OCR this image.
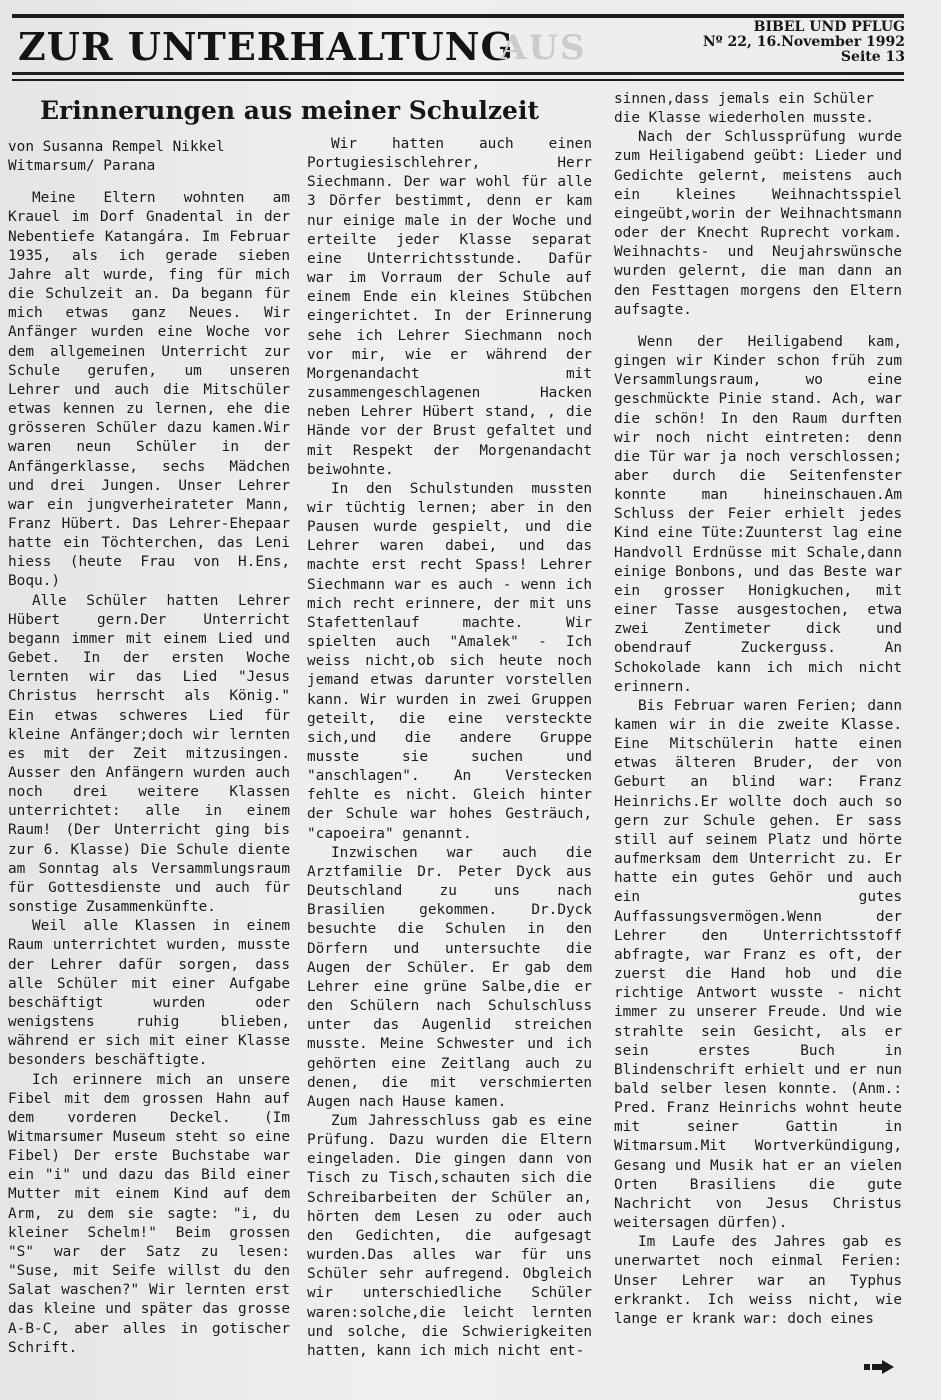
ZUR UNTERHALTUNG
AUS
BIBEL UND PFLUG
Nº 22, 16.November 1992
Seite 13
Erinnerungen aus meiner Schulzeit

von Susanna Rempel Nikkel

Witmarsum/ Parana

Meine Eltern wohnten am Krauel im Dorf Gnadental in der Nebentiefe Katangára. Im Februar 1935, als ich gerade sieben Jahre alt wurde, fing für mich die Schulzeit an. Da begann für mich etwas ganz Neues. Wir Anfänger wurden eine Woche vor dem allgemeinen Unterricht zur Schule gerufen, um unseren Lehrer und auch die Mitschüler etwas kennen zu lernen, ehe die grösseren Schüler dazu kamen.Wir waren neun Schüler in der Anfängerklasse, sechs Mädchen und drei Jungen. Unser Lehrer war ein jungverheirateter Mann, Franz Hübert. Das Lehrer-Ehepaar hatte ein Töchterchen, das Leni hiess (heute Frau von H.Ens, Boqu.)

Alle Schüler hatten Lehrer Hübert gern.Der Unterricht begann immer mit einem Lied und Gebet. In der ersten Woche lernten wir das Lied "Jesus Christus herrscht als König." Ein etwas schweres Lied für kleine Anfänger;doch wir lernten es mit der Zeit mitzusingen. Ausser den Anfängern wurden auch noch drei weitere Klassen unterrichtet: alle in einem Raum! (Der Unterricht ging bis zur 6. Klasse) Die Schule diente am Sonntag als Versammlungsraum für Gottesdienste und auch für sonstige Zusammenkünfte.

Weil alle Klassen in einem Raum unterrichtet wurden, musste der Lehrer dafür sorgen, dass alle Schüler mit einer Aufgabe beschäftigt wurden oder wenigstens ruhig blieben, während er sich mit einer Klasse besonders beschäftigte.

Ich erinnere mich an unsere Fibel mit dem grossen Hahn auf dem vorderen Deckel. (Im Witmarsumer Museum steht so eine Fibel) Der erste Buchstabe war ein "i" und dazu das Bild einer Mutter mit einem Kind auf dem Arm, zu dem sie sagte: "i, du kleiner Schelm!" Beim grossen "S" war der Satz zu lesen: "Suse, mit Seife willst du den Salat waschen?" Wir lernten erst das kleine und später das grosse A-B-C, aber alles in gotischer Schrift.

Wir hatten auch einen Portugiesischlehrer, Herr Siechmann. Der war wohl für alle 3 Dörfer bestimmt, denn er kam nur einige male in der Woche und erteilte jeder Klasse separat eine Unterrichtsstunde. Dafür war im Vorraum der Schule auf einem Ende ein kleines Stübchen eingerichtet. In der Erinnerung sehe ich Lehrer Siechmann noch vor mir, wie er während der Morgenandacht mit zusammengeschlagenen Hacken neben Lehrer Hübert stand, , die Hände vor der Brust gefaltet und mit Respekt der Morgenandacht beiwohnte.

In den Schulstunden mussten wir tüchtig lernen; aber in den Pausen wurde gespielt, und die Lehrer waren dabei, und das machte erst recht Spass! Lehrer Siechmann war es auch - wenn ich mich recht erinnere, der mit uns Stafettenlauf machte. Wir spielten auch "Amalek" - Ich weiss nicht,ob sich heute noch jemand etwas darunter vorstellen kann. Wir wurden in zwei Gruppen geteilt, die eine versteckte sich,und die andere Gruppe musste sie suchen und "anschlagen". An Verstecken fehlte es nicht. Gleich hinter der Schule war hohes Gesträuch, "capoeira" genannt.

Inzwischen war auch die Arztfamilie Dr. Peter Dyck aus Deutschland zu uns nach Brasilien gekommen. Dr.Dyck besuchte die Schulen in den Dörfern und untersuchte die Augen der Schüler. Er gab dem Lehrer eine grüne Salbe,die er den Schülern nach Schulschluss unter das Augenlid streichen musste. Meine Schwester und ich gehörten eine Zeitlang auch zu denen, die mit verschmierten Augen nach Hause kamen.

Zum Jahresschluss gab es eine Prüfung. Dazu wurden die Eltern eingeladen. Die gingen dann von Tisch zu Tisch,schauten sich die Schreibarbeiten der Schüler an, hörten dem Lesen zu oder auch den Gedichten, die aufgesagt wurden.Das alles war für uns Schüler sehr aufregend. Obgleich wir unterschiedliche Schüler waren:solche,die leicht lernten und solche, die Schwierigkeiten hatten, kann ich mich nicht ent-

sinnen,dass jemals ein Schüler die Klasse wiederholen musste.

Nach der Schlussprüfung wurde zum Heiligabend geübt: Lieder und Gedichte gelernt, meistens auch ein kleines Weihnachtsspiel eingeübt,worin der Weihnachtsmann oder der Knecht Ruprecht vorkam. Weihnachts- und Neujahrswünsche wurden gelernt, die man dann an den Festtagen morgens den Eltern aufsagte.

Wenn der Heiligabend kam, gingen wir Kinder schon früh zum Versammlungsraum, wo eine geschmückte Pinie stand. Ach, war die schön! In den Raum durften wir noch nicht eintreten: denn die Tür war ja noch verschlossen; aber durch die Seitenfenster konnte man hineinschauen.Am Schluss der Feier erhielt jedes Kind eine Tüte:Zuunterst lag eine Handvoll Erdnüsse mit Schale,dann einige Bonbons, und das Beste war ein grosser Honigkuchen, mit einer Tasse ausgestochen, etwa zwei Zentimeter dick und obendrauf Zuckerguss. An Schokolade kann ich mich nicht erinnern.

Bis Februar waren Ferien; dann kamen wir in die zweite Klasse. Eine Mitschülerin hatte einen etwas älteren Bruder, der von Geburt an blind war: Franz Heinrichs.Er wollte doch auch so gern zur Schule gehen. Er sass still auf seinem Platz und hörte aufmerksam dem Unterricht zu. Er hatte ein gutes Gehör und auch ein gutes Auffassungsvermögen.Wenn der Lehrer den Unterrichtsstoff abfragte, war Franz es oft, der zuerst die Hand hob und die richtige Antwort wusste - nicht immer zu unserer Freude. Und wie strahlte sein Gesicht, als er sein erstes Buch in Blindenschrift erhielt und er nun bald selber lesen konnte. (Anm.: Pred. Franz Heinrichs wohnt heute mit seiner Gattin in Witmarsum.Mit Wortverkündigung, Gesang und Musik hat er an vielen Orten Brasiliens die gute Nachricht von Jesus Christus weitersagen dürfen).

Im Laufe des Jahres gab es unerwartet noch einmal Ferien: Unser Lehrer war an Typhus erkrankt. Ich weiss nicht, wie lange er krank war: doch eines
